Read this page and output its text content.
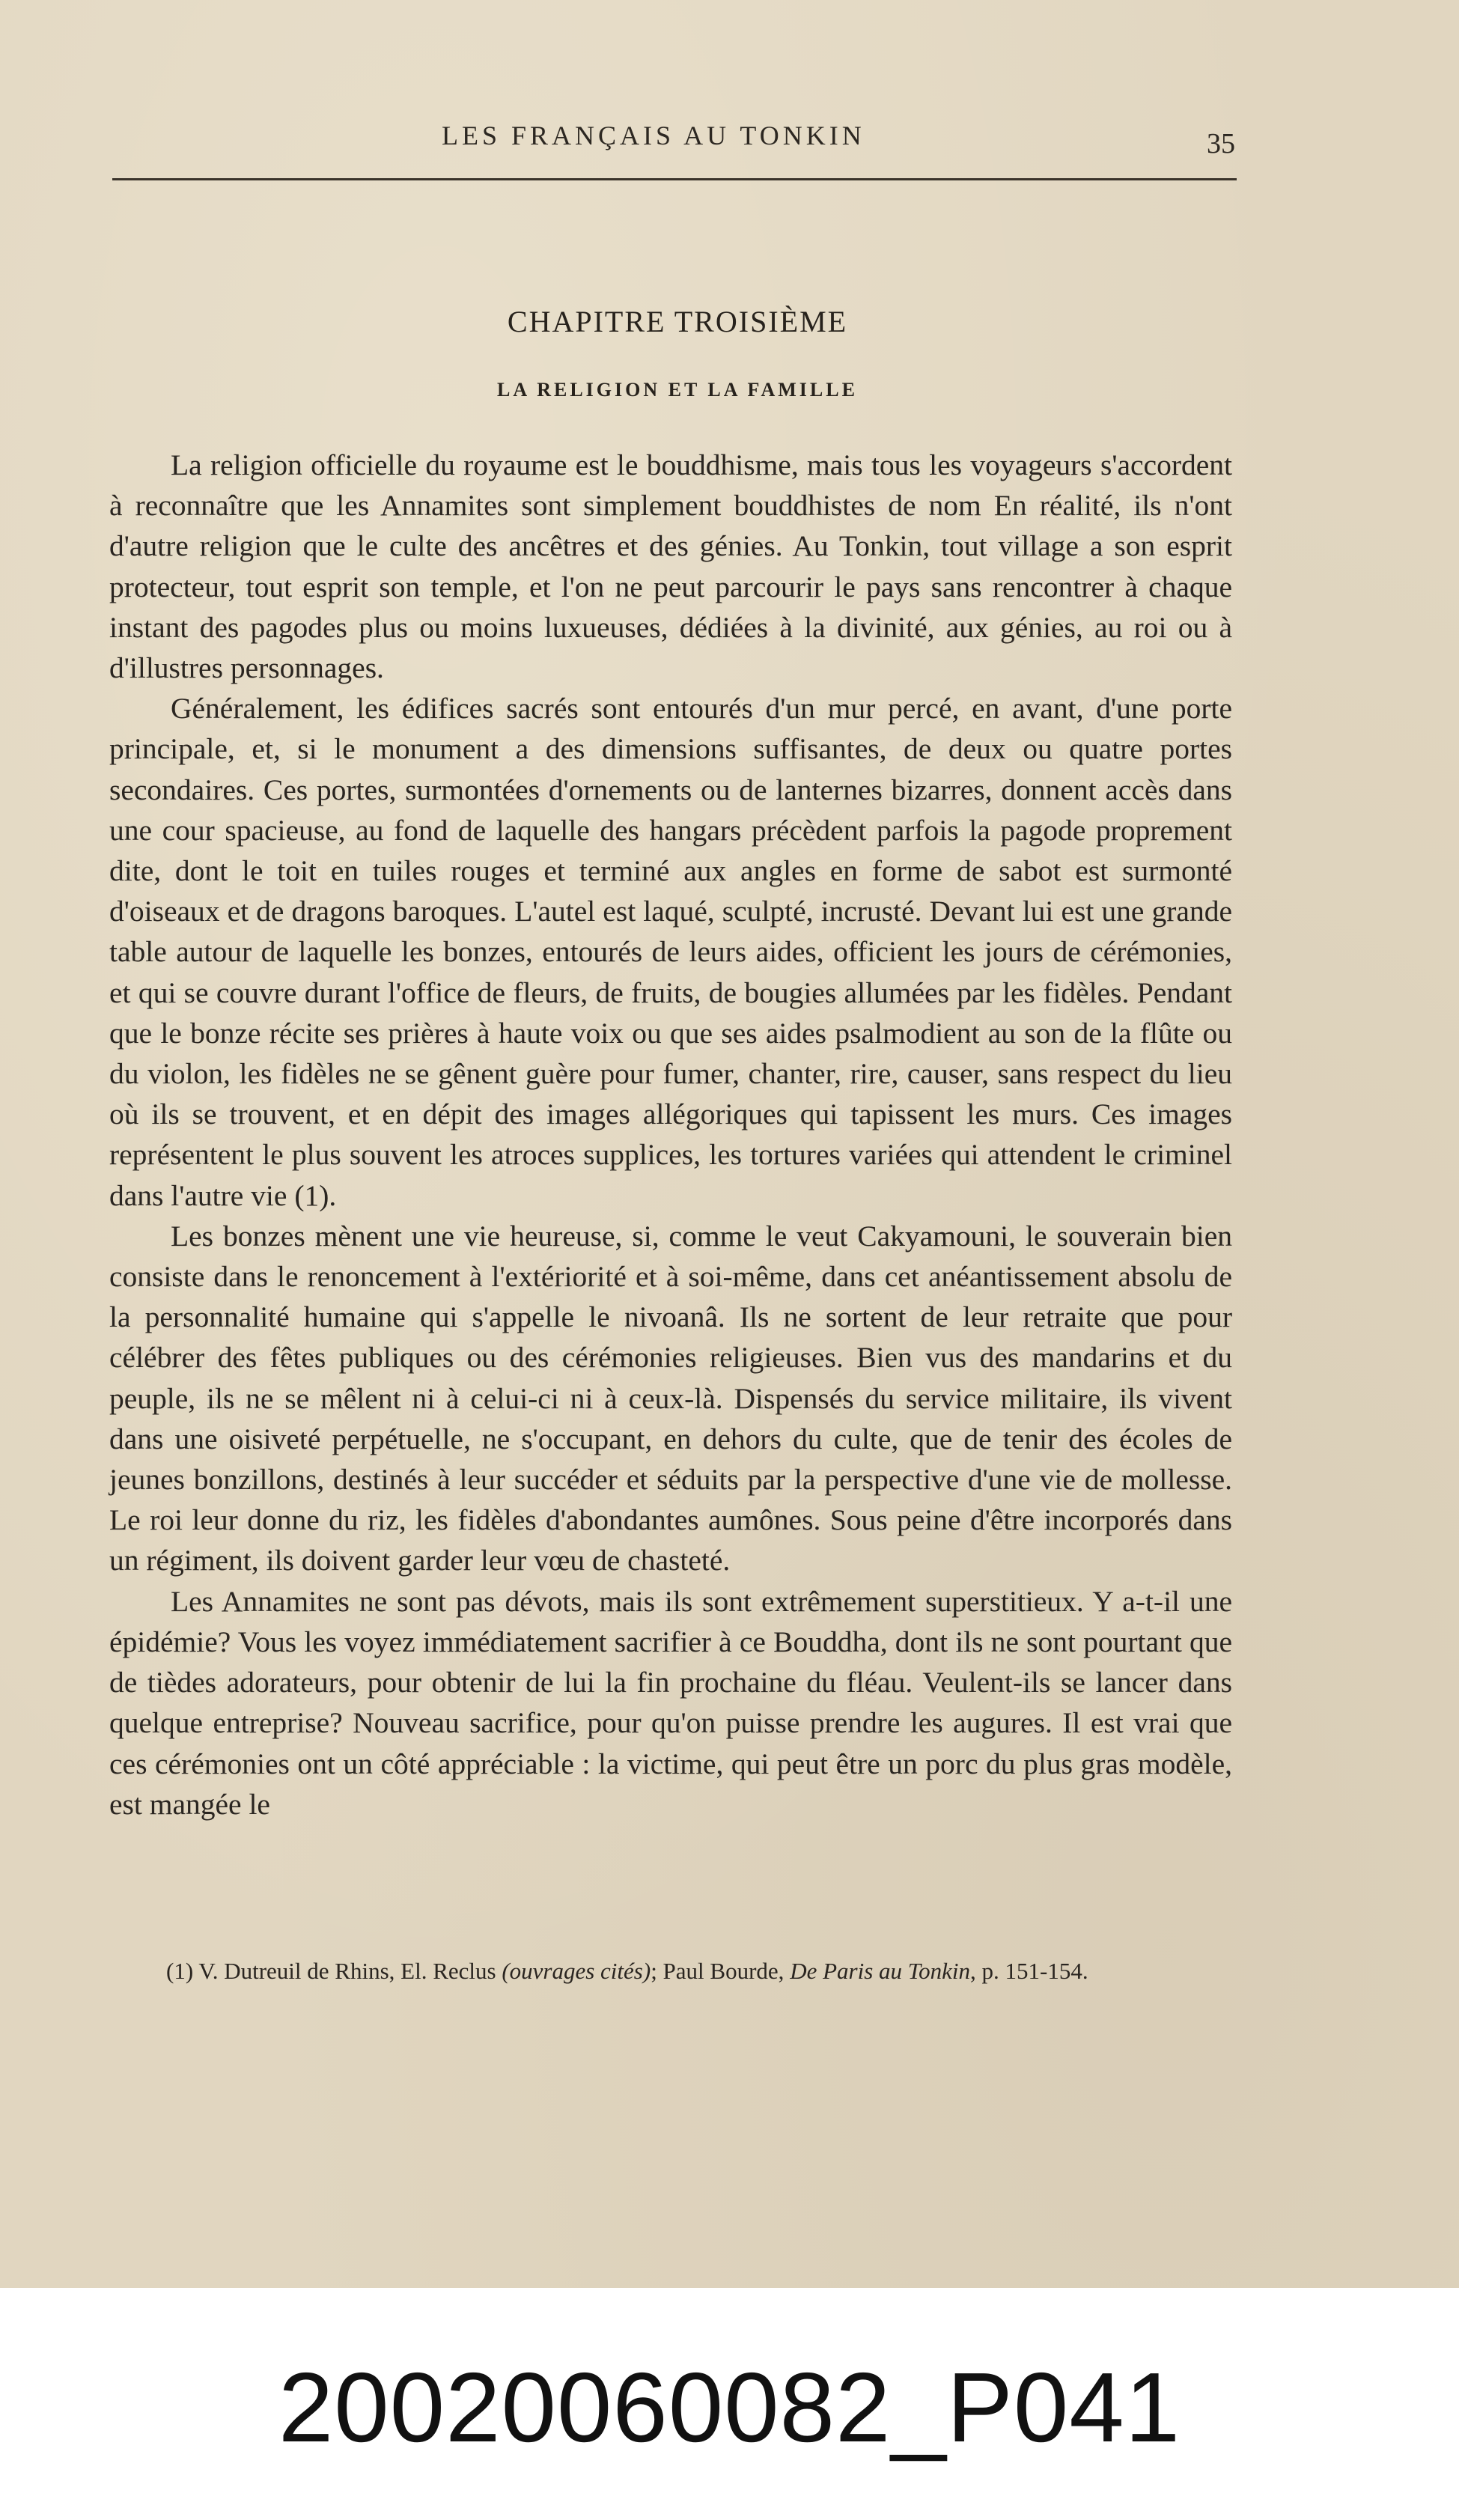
LES FRANÇAIS AU TONKIN	35
CHAPITRE TROISIÈME
LA RELIGION ET LA FAMILLE

La religion officielle du royaume est le bouddhisme, mais tous les voyageurs s'accordent à reconnaître que les Annamites sont simplement bouddhistes de nom En réalité, ils n'ont d'autre religion que le culte des ancêtres et des génies. Au Tonkin, tout village a son esprit protecteur, tout esprit son temple, et l'on ne peut parcourir le pays sans rencontrer à chaque instant des pagodes plus ou moins luxueuses, dédiées à la divinité, aux génies, au roi ou à d'illustres personnages.

Généralement, les édifices sacrés sont entourés d'un mur percé, en avant, d'une porte principale, et, si le monument a des dimensions suffisantes, de deux ou quatre portes secondaires. Ces portes, surmontées d'ornements ou de lanternes bizarres, donnent accès dans une cour spacieuse, au fond de laquelle des hangars précèdent parfois la pagode proprement dite, dont le toit en tuiles rouges et terminé aux angles en forme de sabot est surmonté d'oiseaux et de dragons baroques. L'autel est laqué, sculpté, incrusté. Devant lui est une grande table autour de laquelle les bonzes, entourés de leurs aides, officient les jours de cérémonies, et qui se couvre durant l'office de fleurs, de fruits, de bougies allumées par les fidèles. Pendant que le bonze récite ses prières à haute voix ou que ses aides psalmodient au son de la flûte ou du violon, les fidèles ne se gênent guère pour fumer, chanter, rire, causer, sans respect du lieu où ils se trouvent, et en dépit des images allégoriques qui tapissent les murs. Ces images représentent le plus souvent les atroces supplices, les tortures variées qui attendent le criminel dans l'autre vie (1).

Les bonzes mènent une vie heureuse, si, comme le veut Cakyamouni, le souverain bien consiste dans le renoncement à l'extériorité et à soi-même, dans cet anéantissement absolu de la personnalité humaine qui s'appelle le nivoanâ. Ils ne sortent de leur retraite que pour célébrer des fêtes publiques ou des cérémonies religieuses. Bien vus des mandarins et du peuple, ils ne se mêlent ni à celui-ci ni à ceux-là. Dispensés du service militaire, ils vivent dans une oisiveté perpétuelle, ne s'occupant, en dehors du culte, que de tenir des écoles de jeunes bonzillons, destinés à leur succéder et séduits par la perspective d'une vie de mollesse. Le roi leur donne du riz, les fidèles d'abondantes aumônes. Sous peine d'être incorporés dans un régiment, ils doivent garder leur vœu de chasteté.

Les Annamites ne sont pas dévots, mais ils sont extrêmement superstitieux. Y a-t-il une épidémie? Vous les voyez immédiatement sacrifier à ce Bouddha, dont ils ne sont pourtant que de tièdes adorateurs, pour obtenir de lui la fin prochaine du fléau. Veulent-ils se lancer dans quelque entreprise? Nouveau sacrifice, pour qu'on puisse prendre les augures. Il est vrai que ces cérémonies ont un côté appréciable : la victime, qui peut être un porc du plus gras modèle, est mangée le

(1) V. Dutreuil de Rhins, El. Reclus (ouvrages cités); Paul Bourde, De Paris au Tonkin, p. 151-154.
20020060082_P041
